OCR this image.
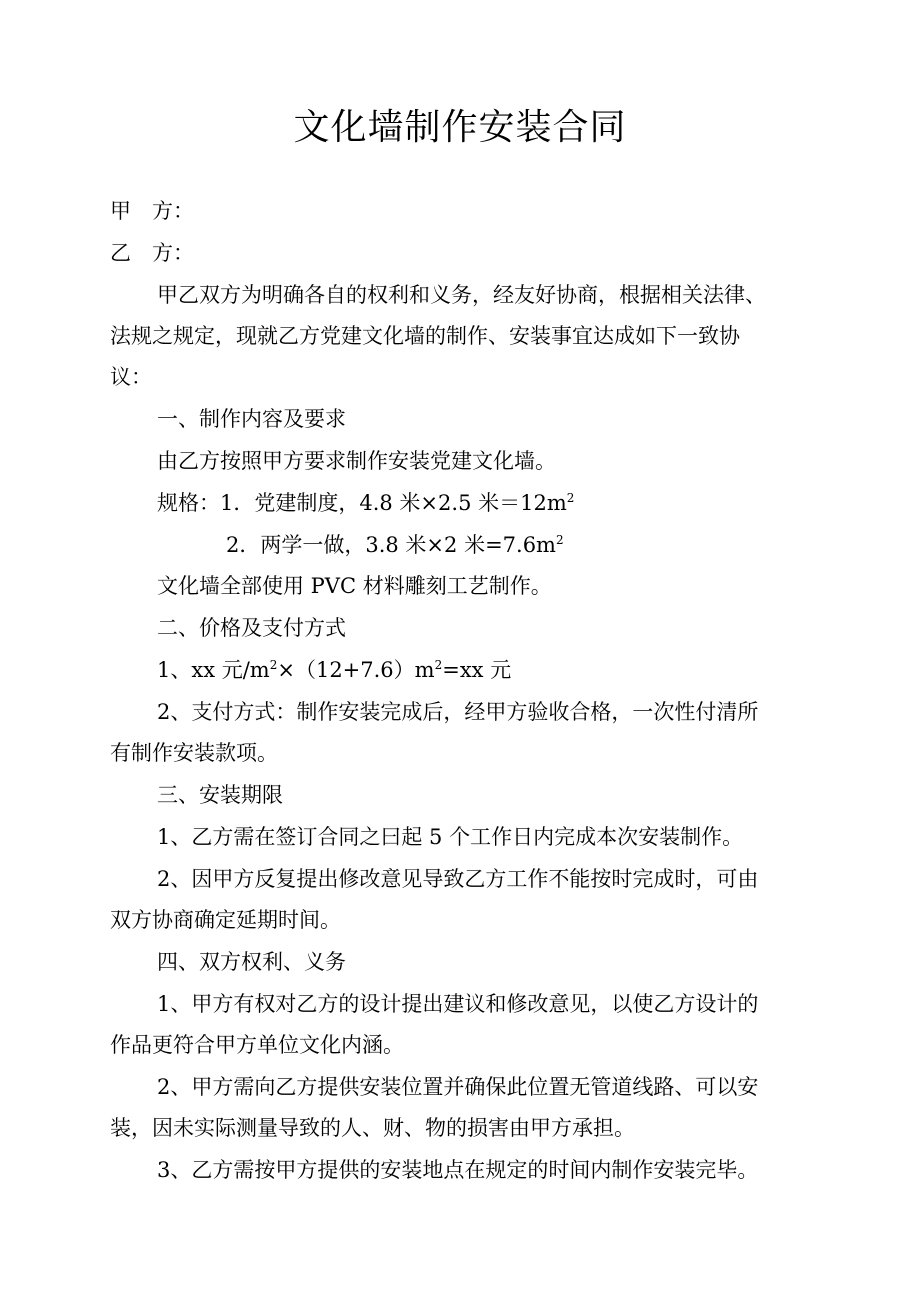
文化墙制作安装合同
甲　方：
乙　方：
甲乙双方为明确各自的权利和义务，经友好协商，根据相关法律、
法规之规定，现就乙方党建文化墙的制作、安装事宜达成如下一致协
议：
一、制作内容及要求
由乙方按照甲方要求制作安装党建文化墙。
规格：1．党建制度，4.8 米×2.5 米$=12m^2$
2．两学一做，3.8 米×2 米$=7.6m^2$
文化墙全部使用 PVC 材料雕刻工艺制作。
二、价格及支付方式
1、xx 元$/m^2\times(12+7.6)m^2=xx$ 元
2、支付方式：制作安装完成后，经甲方验收合格，一次性付清所
有制作安装款项。
三、安装期限
1、乙方需在签订合同之曰起 5 个工作日内完成本次安装制作。
2、因甲方反复提出修改意见导致乙方工作不能按时完成时，可由
双方协商确定延期时间。
四、双方权利、义务
1、甲方有权对乙方的设计提出建议和修改意见，以使乙方设计的
作品更符合甲方单位文化内涵。
2、甲方需向乙方提供安装位置并确保此位置无管道线路、可以安
装，因未实际测量导致的人、财、物的损害由甲方承担。
3、乙方需按甲方提供的安装地点在规定的时间内制作安装完毕。
